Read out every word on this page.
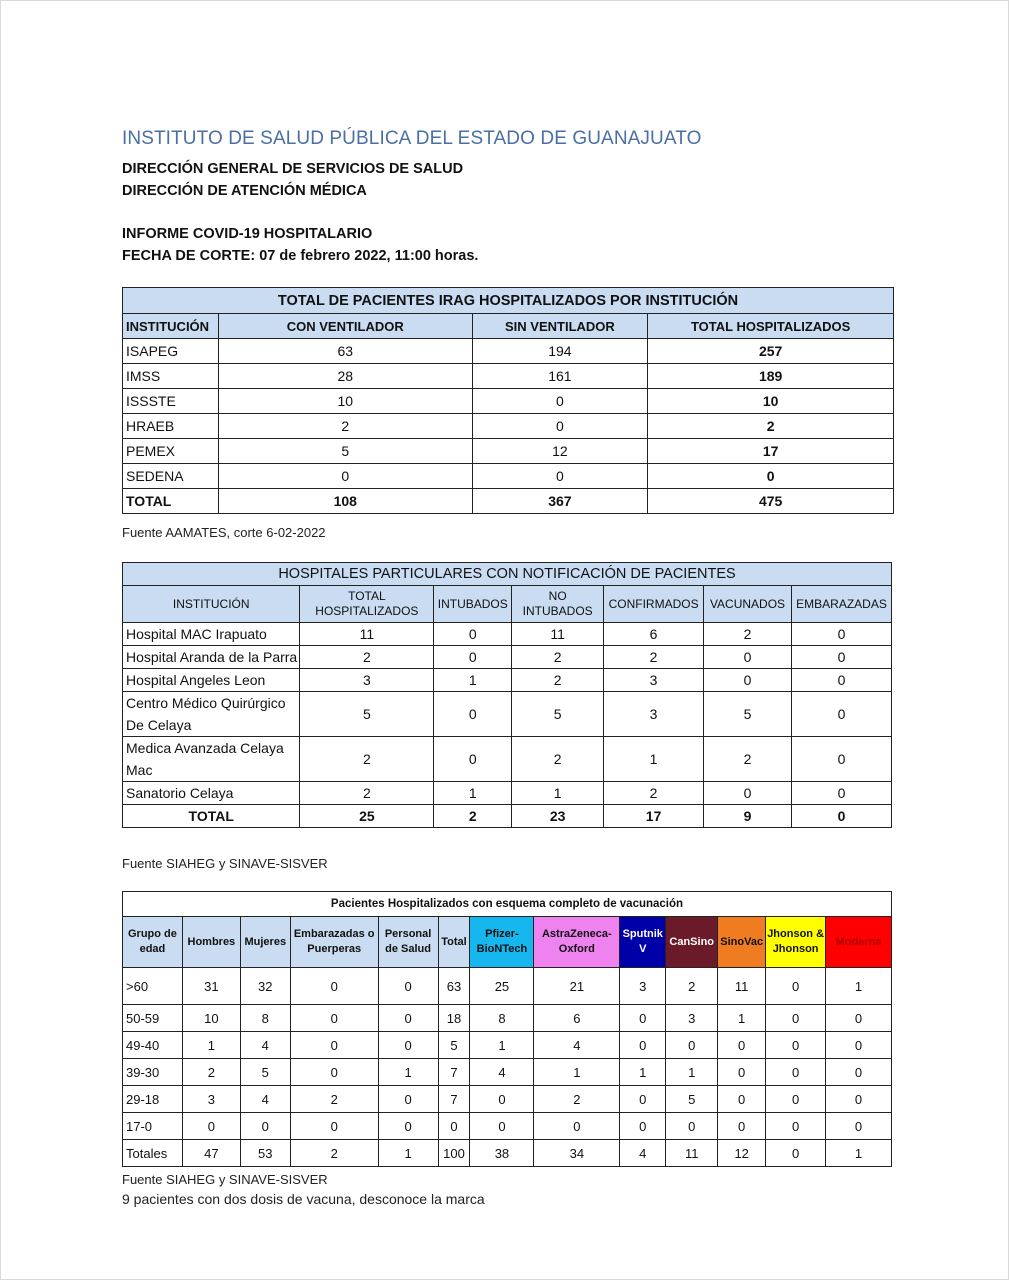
INSTITUTO DE SALUD PÚBLICA DEL ESTADO DE GUANAJUATO
DIRECCIÓN GENERAL DE SERVICIOS DE SALUD
DIRECCIÓN DE ATENCIÓN MÉDICA
INFORME COVID-19 HOSPITALARIO
FECHA DE CORTE: 07 de febrero 2022, 11:00 horas.
TOTAL DE PACIENTES IRAG HOSPITALIZADOS POR INSTITUCIÓN			
INSTITUCIÓN	CON VENTILADOR	SIN VENTILADOR	TOTAL HOSPITALIZADOS
ISAPEG	63	194	257
IMSS	28	161	189
ISSSTE	10	0	10
HRAEB	2	0	2
PEMEX	5	12	17
SEDENA	0	0	0
TOTAL	108	367	475
Fuente AAMATES, corte 6-02-2022
HOSPITALES PARTICULARES CON NOTIFICACIÓN DE PACIENTES						
INSTITUCIÓN	TOTAL HOSPITALIZADOS	INTUBADOS	NO INTUBADOS	CONFIRMADOS	VACUNADOS	EMBARAZADAS
Hospital MAC Irapuato	11	0	11	6	2	0
Hospital Aranda de la Parra	2	0	2	2	0	0
Hospital Angeles Leon	3	1	2	3	0	0
Centro Médico Quirúrgico De Celaya	5	0	5	3	5	0
Medica Avanzada Celaya Mac	2	0	2	1	2	0
Sanatorio Celaya	2	1	1	2	0	0
TOTAL	25	2	23	17	9	0
Fuente SIAHEG y SINAVE-SISVER
Pacientes Hospitalizados con esquema completo de vacunación												
Grupo de edad	Hombres	Mujeres	Embarazadas o Puerperas	Personal de Salud	Total	Pfizer-BioNTech	AstraZeneca-Oxford	Sputnik V	CanSino	SinoVac	Jhonson & Jhonson	Moderna
>60	31	32	0	0	63	25	21	3	2	11	0	1
50-59	10	8	0	0	18	8	6	0	3	1	0	0
49-40	1	4	0	0	5	1	4	0	0	0	0	0
39-30	2	5	0	1	7	4	1	1	1	0	0	0
29-18	3	4	2	0	7	0	2	0	5	0	0	0
17-0	0	0	0	0	0	0	0	0	0	0	0	0
Totales	47	53	2	1	100	38	34	4	11	12	0	1
Fuente SIAHEG y SINAVE-SISVER
9 pacientes con dos dosis de vacuna, desconoce la marca
